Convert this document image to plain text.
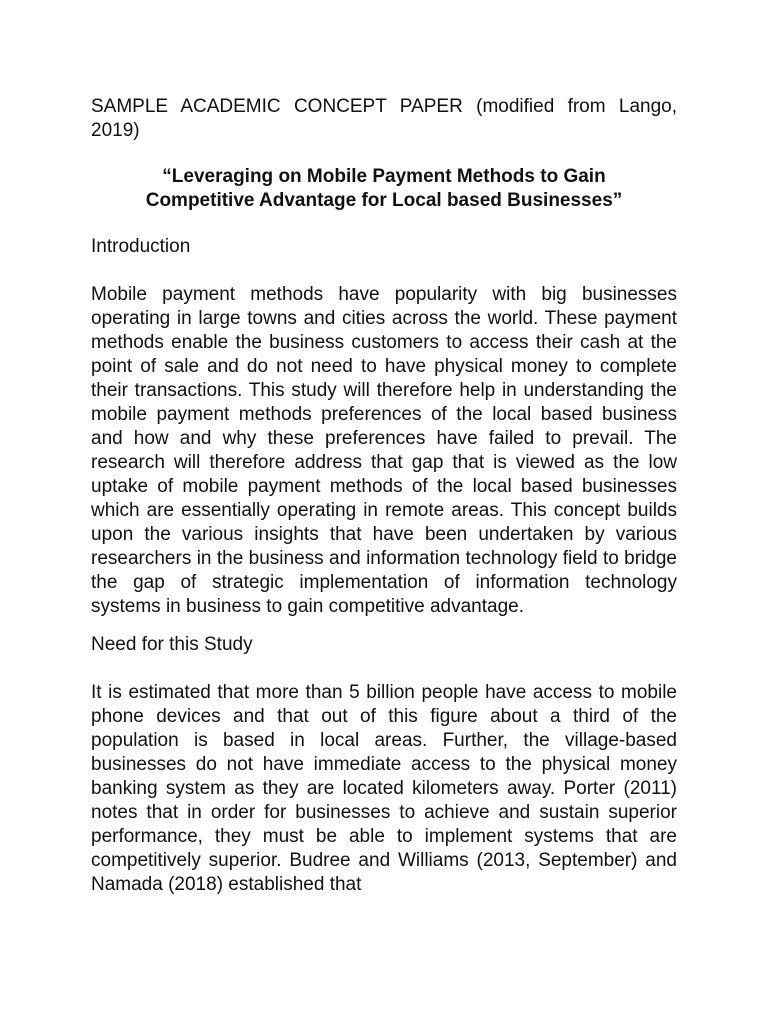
SAMPLE ACADEMIC CONCEPT PAPER (modified from Lango, 2019)

“Leveraging on Mobile Payment Methods to Gain
Competitive Advantage for Local based Businesses”

Introduction

Mobile payment methods have popularity with big businesses operating in large towns and cities across the world. These payment methods enable the business customers to access their cash at the point of sale and do not need to have physical money to complete their transactions. This study will therefore help in understanding the mobile payment methods preferences of the local based business and how and why these preferences have failed to prevail. The research will therefore address that gap that is viewed as the low uptake of mobile payment methods of the local based businesses which are essentially operating in remote areas. This concept builds upon the various insights that have been undertaken by various researchers in the business and information technology field to bridge the gap of strategic implementation of information technology systems in business to gain competitive advantage.

Need for this Study

It is estimated that more than 5 billion people have access to mobile phone devices and that out of this figure about a third of the population is based in local areas. Further, the village-based businesses do not have immediate access to the physical money banking system as they are located kilometers away. Porter (2011) notes that in order for businesses to achieve and sustain superior performance, they must be able to implement systems that are competitively superior. Budree and Williams (2013, September) and Namada (2018) established that
